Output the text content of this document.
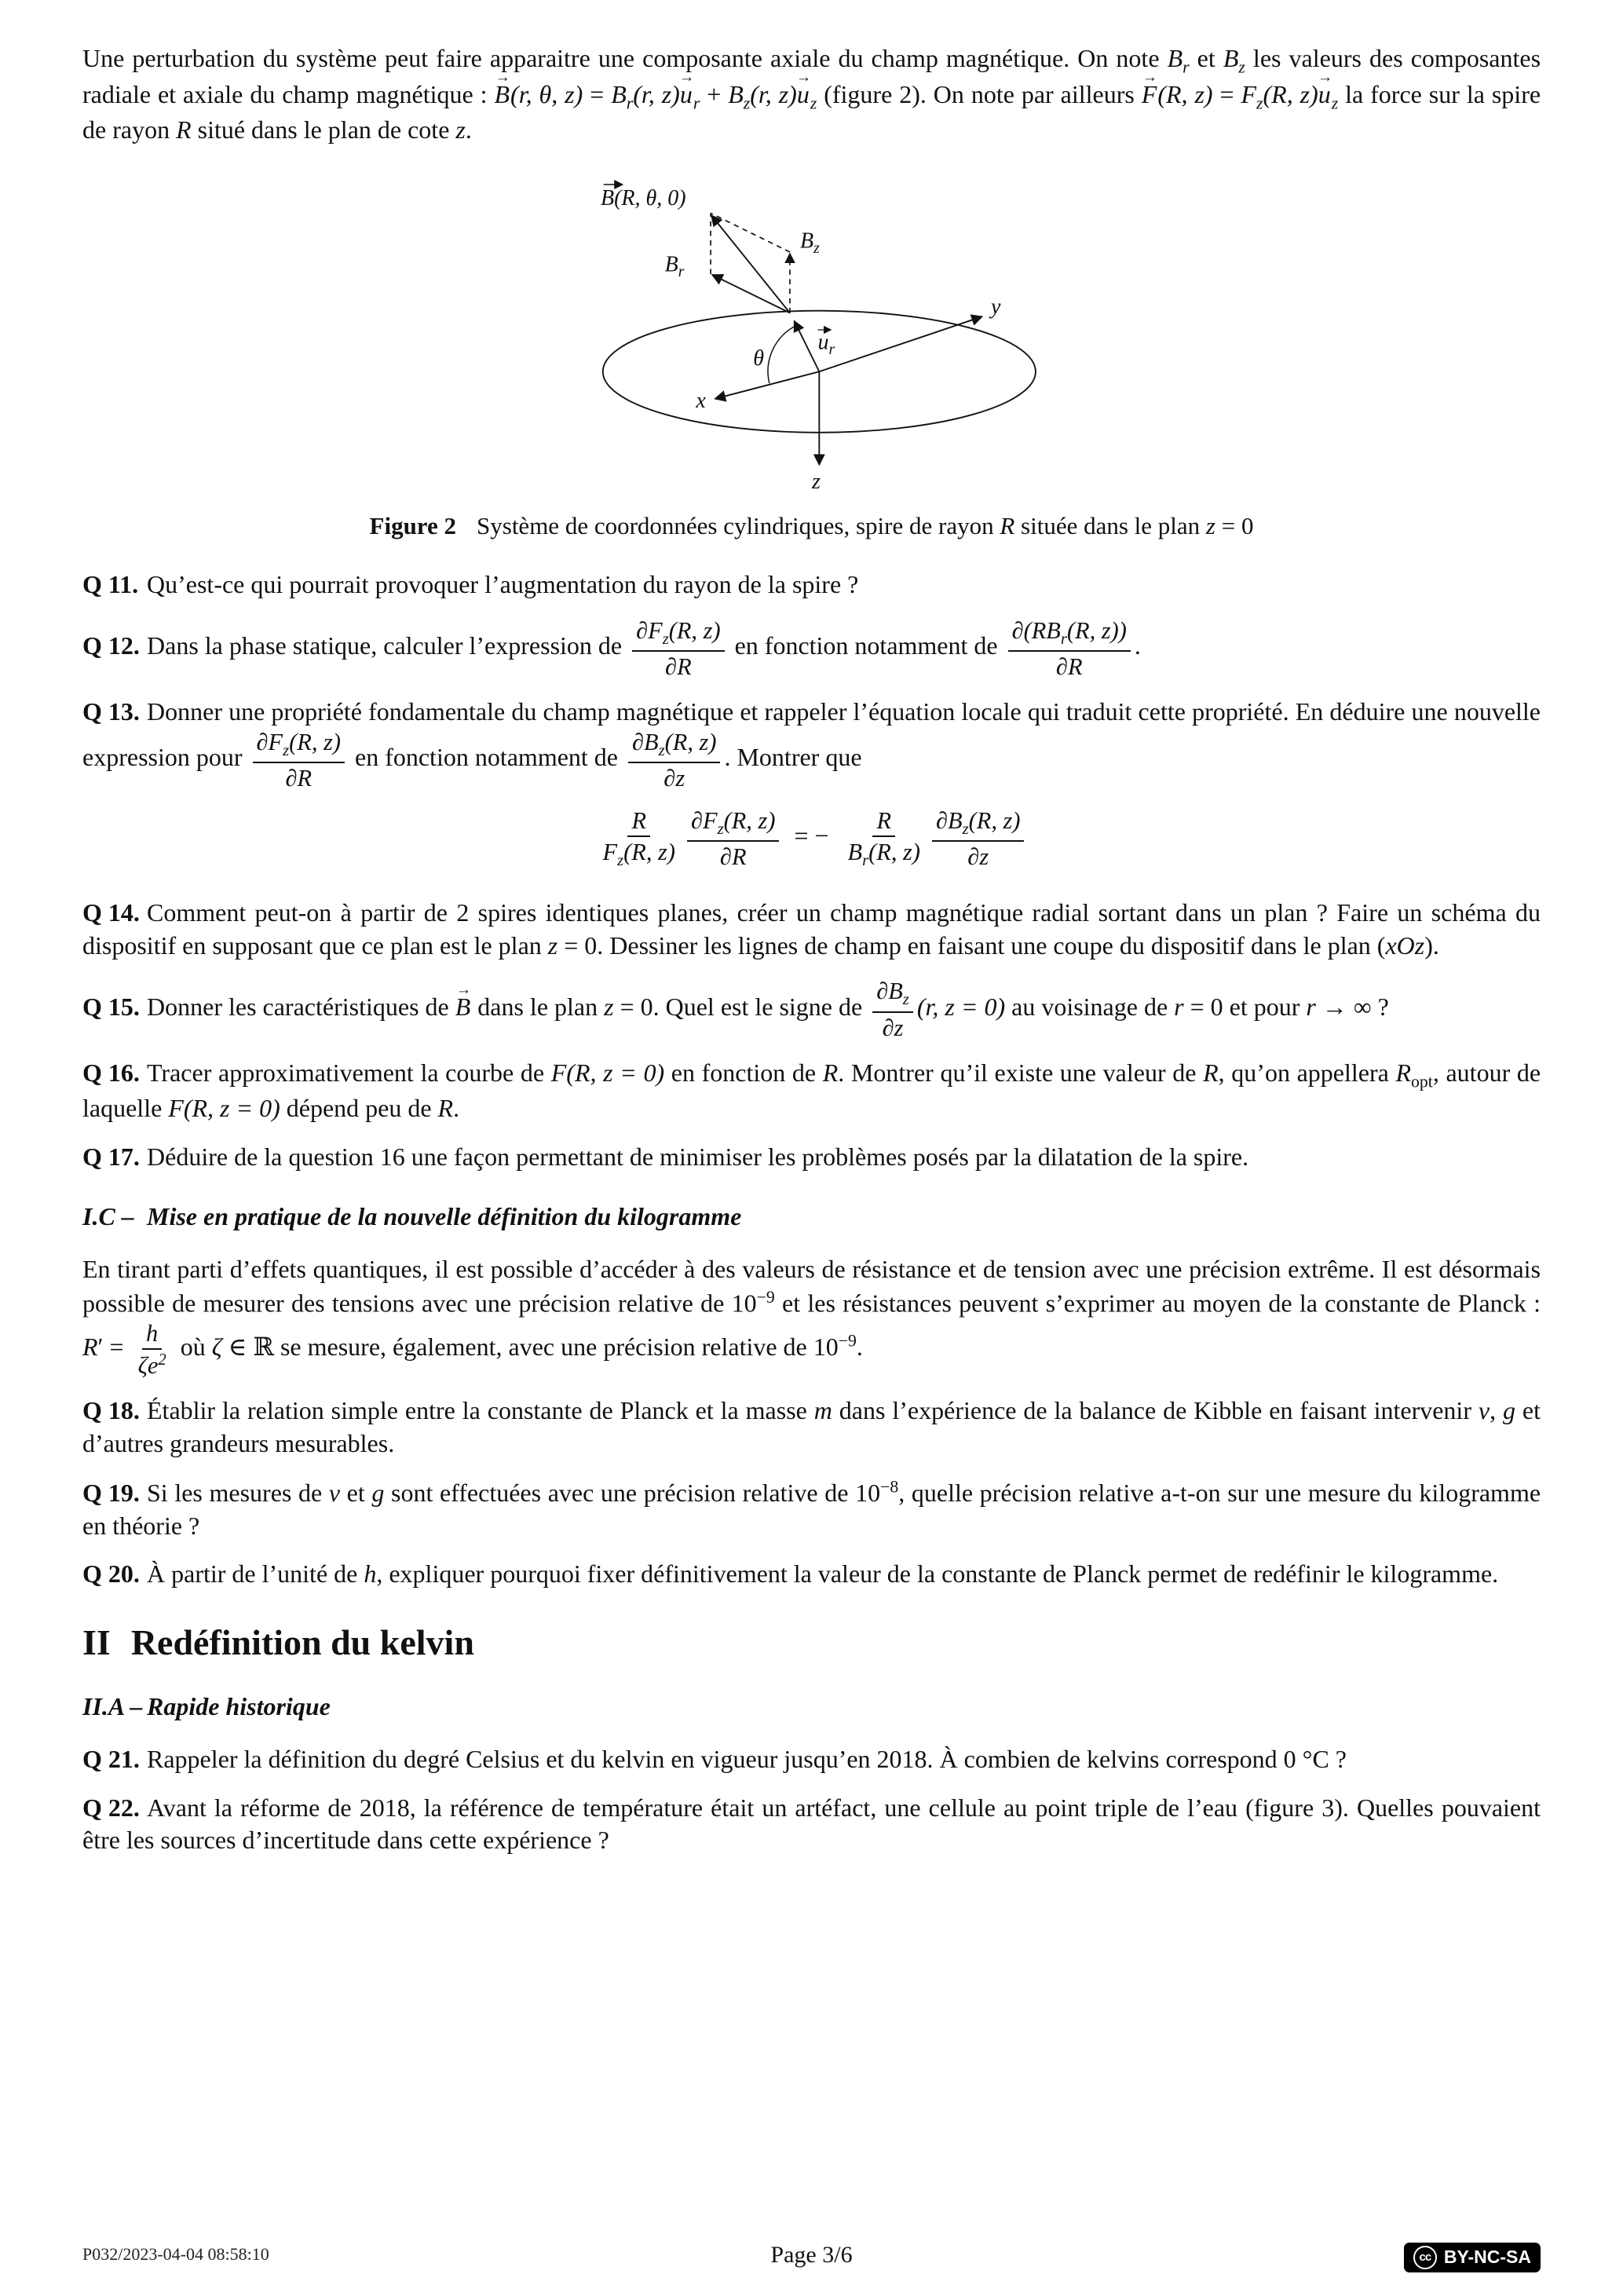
Une perturbation du système peut faire apparaitre une composante axiale du champ magnétique. On note $B_r$ et $B_z$ les valeurs des composantes radiale et axiale du champ magnétique : B →(r, θ, $z) = B_r(r$, $z)u \to_r + B_z(r$, $z)u \to_z$ (figure 2). On note par ailleurs F →(R, $z) = F_z(R$, $z)u \to_z$ la force sur la spire de rayon R situé dans le plan de cote z.

B(R, θ, 0)
$B_r$
$B_z$
$u_r$
θ
x
y
z

Figure 2 Système de coordonnées cylindriques, spire de rayon R située dans le plan z = 0

Q 11. Qu’est-ce qui pourrait provoquer l’augmentation du rayon de la spire ?

Q 12. Dans la phase statique, calculer l’expression de $\frac{\partial F_z(R, z)}{\partial R}$ en fonction notamment de $\frac{\partial(RB_r(R, z))}{\partial R}$ .

Q 13. Donner une propriété fondamentale du champ magnétique et rappeler l’équation locale qui traduit cette propriété. En déduire une nouvelle expression pour $\frac{\partial F_z(R, z)}{\partial R}$ en fonction notamment de $\frac{\partial B_z(R, z)}{\partial z}$ . Montrer que

$\frac{R}{F_z(R, z)} \frac{\partial F_z(R, z)}{\partial R}$ = − $\frac{R}{B_r(R, z)} \frac{\partial B_z(R, z)}{\partial z}$

Q 14. Comment peut-on à partir de 2 spires identiques planes, créer un champ magnétique radial sortant dans un plan ? Faire un schéma du dispositif en supposant que ce plan est le plan z = 0. Dessiner les lignes de champ en faisant une coupe du dispositif dans le plan (xOz).

Q 15. Donner les caractéristiques de B → dans le plan z = 0. Quel est le signe de $\frac{\partial B_z}{\partial z} (r$, z = 0) au voisinage de r = 0 et pour r → ∞ ?

Q 16. Tracer approximativement la courbe de F(R, z = 0) en fonction de R. Montrer qu’il existe une valeur de R, qu’on appellera $R_{opt}$, autour de laquelle F(R, z = 0) dépend peu de R.

Q 17. Déduire de la question 16 une façon permettant de minimiser les problèmes posés par la dilatation de la spire.

I.C – Mise en pratique de la nouvelle définition du kilogramme

En tirant parti d’effets quantiques, il est possible d’accéder à des valeurs de résistance et de tension avec une précision extrême. Il est désormais possible de mesurer des tensions avec une précision relative de $10^{-9}$ et les résistances peuvent s’exprimer au moyen de la constante de Planck : $R' = \frac{h}{\zeta e^2}$ où ζ ∈ ℝ se mesure, également, avec une précision relative de $10^{-9}$.

Q 18. Établir la relation simple entre la constante de Planck et la masse m dans l’expérience de la balance de Kibble en faisant intervenir v, g et d’autres grandeurs mesurables.

Q 19. Si les mesures de v et g sont effectuées avec une précision relative de $10^{-8}$, quelle précision relative a-t-on sur une mesure du kilogramme en théorie ?

Q 20. À partir de l’unité de h, expliquer pourquoi fixer définitivement la valeur de la constante de Planck permet de redéfinir le kilogramme.

II Redéfinition du kelvin

II.A – Rapide historique

Q 21. Rappeler la définition du degré Celsius et du kelvin en vigueur jusqu’en 2018. À combien de kelvins correspond 0 °C ?

Q 22. Avant la réforme de 2018, la référence de température était un artéfact, une cellule au point triple de l’eau (figure 3). Quelles pouvaient être les sources d’incertitude dans cette expérience ?

P032/2023-04-04 08:58:10	Page 3/6	cc BY-NC-SA
